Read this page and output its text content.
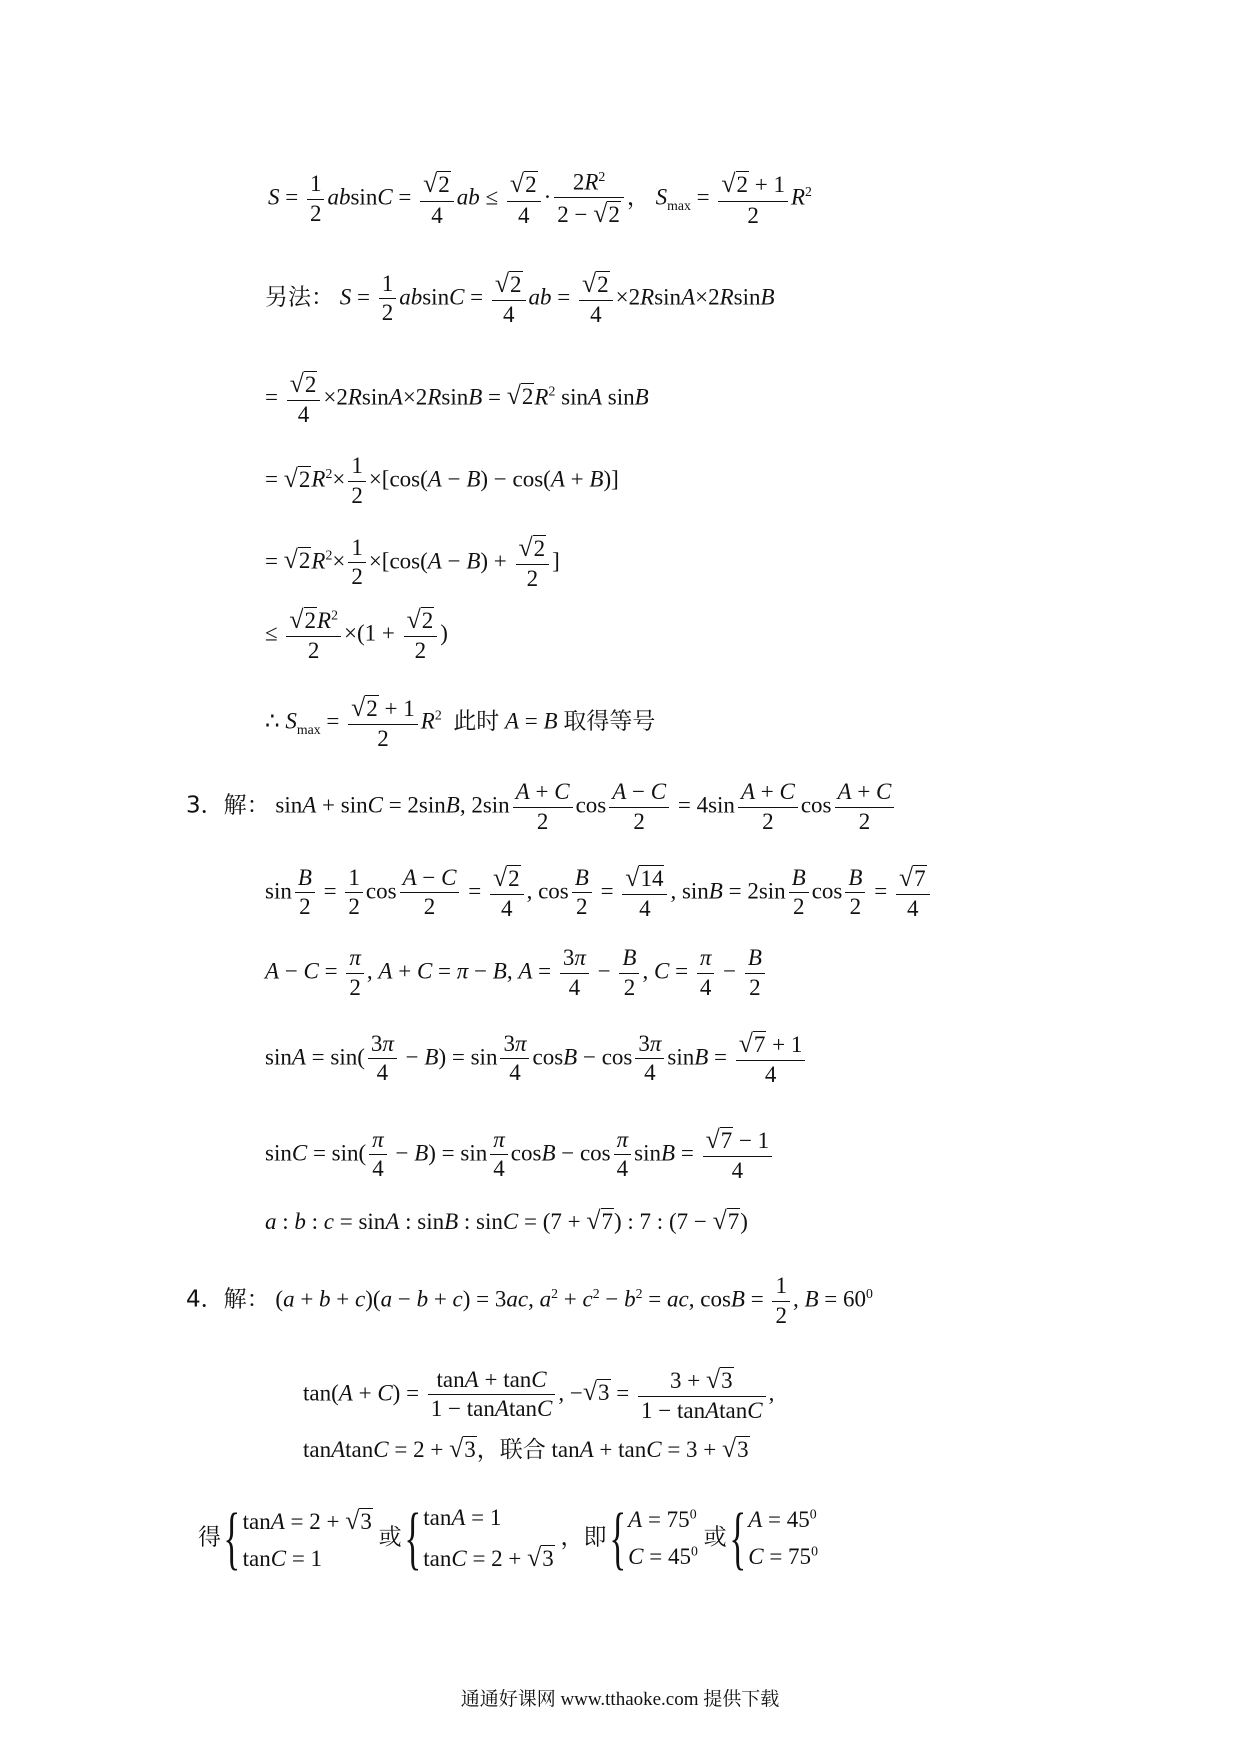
$S = \frac{1}{2}$ $absinC = \frac{√2}{4}$ ab ≤ $\frac{√2}{4} \cdot \frac{2R^2}{2 - √2}$ ， $S_{max} = \frac{√2 + 1}{2} R^2$
另法： $S = \frac{1}{2}$ $absinC = \frac{√2}{4}$ ab = $\frac{√2}{4} \times 2RsinA\times 2RsinB$
= $\frac{√2}{4} \times 2RsinA\times 2RsinB = √2R^2$ sinA sinB
= $√2R^2\times \frac{1}{2} \times[\cos(A - B) - \cos(A + B)]$
= $√2R^2\times \frac{1}{2} \times[\cos(A - B) + \frac{√2}{2}$ ]
≤ $\frac{√2R^2}{2} \times(1 + \frac{√2}{2}$ )
∴ $S_{max} = \frac{√2 + 1}{2} R^2$ 此时 A = B 取得等号
3．解： sinA + sinC = 2sinB, $2\sin \frac{A + C}{2}$ $\cos \frac{A - C}{2} = 4\sin \frac{A + C}{2}$ $\cos \frac{A + C}{2}$
$\sin \frac{B}{2} = \frac{1}{2}$ $\cos \frac{A - C}{2} = \frac{√2}{4}$ , $\cos \frac{B}{2} = \frac{√14}{4}$ , $\sin B = 2\sin \frac{B}{2}$ $\cos \frac{B}{2} = \frac{√7}{4}$
$A - C = \frac{\pi}{2}$ , A + C = π − B, $A = \frac{3\pi}{4} - \frac{B}{2}$ , $C = \frac{\pi}{4} - \frac{B}{2}$
$\sin A = \sin( \frac{3\pi}{4} - B) = \sin \frac{3\pi}{4}$ $\cos B - \cos \frac{3\pi}{4}$ $\sin B = \frac{√7 + 1}{4}$
$\sin C = \sin( \frac{\pi}{4} - B) = \sin \frac{\pi}{4}$ $\cos B - \cos \frac{\pi}{4}$ $\sin B = \frac{√7 - 1}{4}$
a : b : c = sinA : sinB : sinC = (7 + √7) : 7 : (7 − √7)
4．解： (a + b + c)(a − b + c) = 3ac, $a^2 + c^2 - b^2$ = ac, $\cos B = \frac{1}{2}$ , $B = 60^0$
$\tan(A + C) = \frac{\tan A + \tan C}{\text{1 − tanAtanC}}$ , $-√3 = \frac{3 + √3}{\text{1 − tanAtanC}}$ ,
tanAtanC = 2 + √3，联合 tanA + tanC = 3 + √3
得{ tanA = 2 + √3
tanC = 1
或{ tanA = 1
tanC = 2 + √3
，即{ $A = 75^0$
$C = 45^0$
或{ $A = 45^0$
$C = 75^0$
通通好课网 www.tthaoke.com 提供下载
